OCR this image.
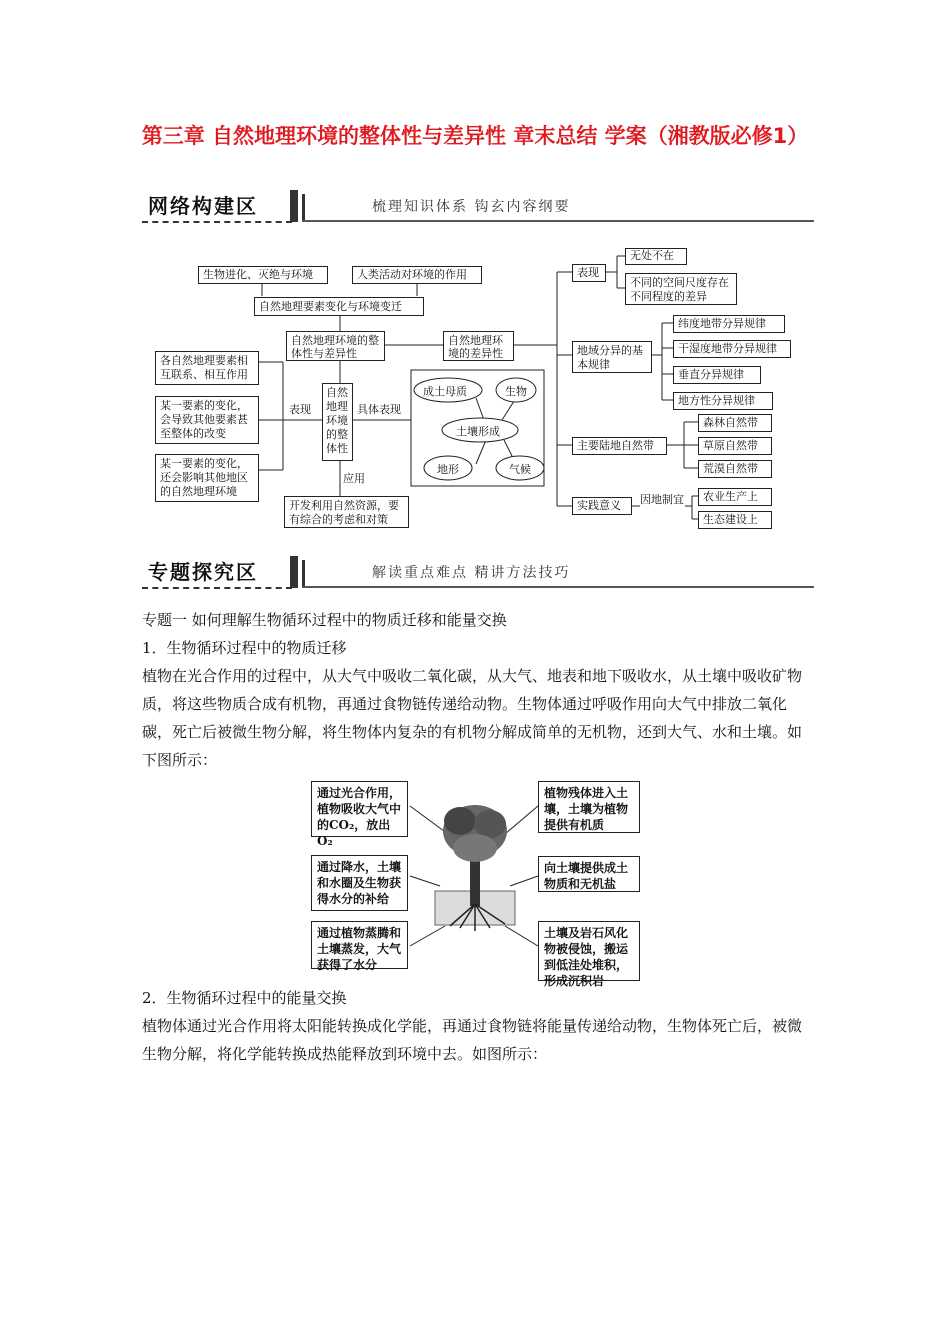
第三章 自然地理环境的整体性与差异性 章末总结 学案（湘教版必修1）
网络构建区	梳理知识体系 钩玄内容纲要
生物进化、灭绝与环境	人类活动对环境的作用
自然地理要素变化与环境变迁
自然地理环境的整体性与差异性
自然地理环境的差异性
各自然地理要素相互联系、相互作用
某一要素的变化，会导致其他要素甚至整体的改变
某一要素的变化，还会影响其他地区的自然地理环境
表现
自然地理环境的整体性
具体表现
应用
开发利用自然资源，要有综合的考虑和对策
成土母质	生物
土壤形成
地形	气候
表现
无处不在
不同的空间尺度存在不同程度的差异
地域分异的基本规律
纬度地带分异规律
干湿度地带分异规律
垂直分异规律
地方性分异规律
主要陆地自然带
森林自然带
草原自然带
荒漠自然带
实践意义	因地制宜	农业生产上
生态建设上
专题探究区	解读重点难点 精讲方法技巧
专题一 如何理解生物循环过程中的物质迁移和能量交换
1．生物循环过程中的物质迁移
植物在光合作用的过程中，从大气中吸收二氧化碳，从大气、地表和地下吸收水，从土壤中吸收矿物质，将这些物质合成有机物，再通过食物链传递给动物。生物体通过呼吸作用向大气中排放二氧化碳，死亡后被微生物分解，将生物体内复杂的有机物分解成简单的无机物，还到大气、水和土壤。如下图所示：
通过光合作用，植物吸收大气中的CO₂，放出O₂
通过降水，土壤和水圈及生物获得水分的补给
通过植物蒸腾和土壤蒸发，大气获得了水分
植物残体进入土壤，土壤为植物提供有机质
向土壤提供成土物质和无机盐
土壤及岩石风化物被侵蚀，搬运到低洼处堆积，形成沉积岩
2．生物循环过程中的能量交换
植物体通过光合作用将太阳能转换成化学能，再通过食物链将能量传递给动物，生物体死亡后，被微生物分解，将化学能转换成热能释放到环境中去。如图所示：
